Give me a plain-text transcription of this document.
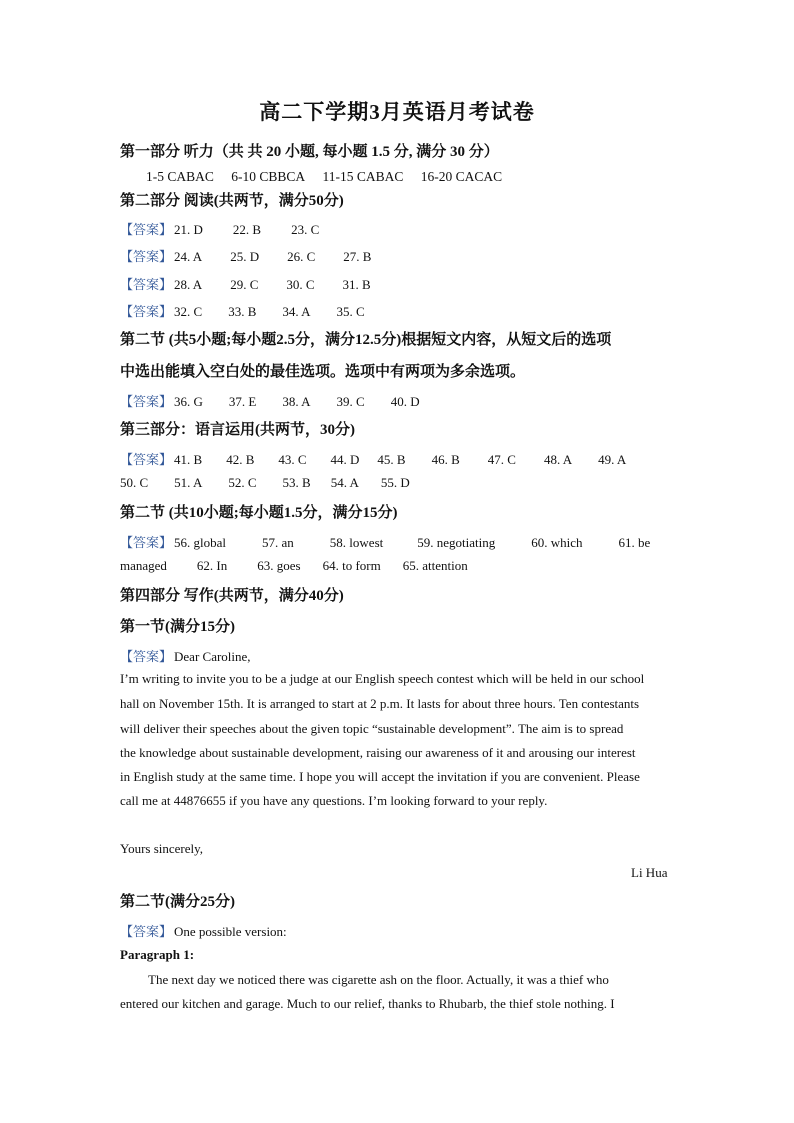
高二下学期3月英语月考试卷
第一部分 听力（共 共 20 小题, 每小题 1.5 分, 满分 30 分）
1-5 CABAC 6-10 CBBCA 11-15 CABAC 16-20 CACAC
第二部分 阅读(共两节，满分50分)
【答案】 21. D 22. B 23. C
【答案】 24. A 25. D 26. C 27. B
【答案】 28. A 29. C 30. C 31. B
【答案】 32. C 33. B 34. A 35. C
第二节 (共5小题;每小题2.5分，满分12.5分)根据短文内容，从短文后的选项
中选出能填入空白处的最佳选项。选项中有两项为多余选项。
【答案】 36. G 37. E 38. A 39. C 40. D
第三部分：语言运用(共两节，30分)
【答案】 41. B 42. B 43. C 44. D 45. B 46. B 47. C 48. A 49. A
50. C 51. A 52. C 53. B 54. A 55. D
第二节 (共10小题;每小题1.5分，满分15分)
【答案】 56. global	57. an	58. lowest	59. negotiating	60. which	61. be
managed 62. In 63. goes 64. to form 65. attention
第四部分 写作(共两节，满分40分)
第一节(满分15分)
【答案】 Dear Caroline,
I’m writing to invite you to be a judge at our English speech contest which will be held in our school
hall on November 15th. It is arranged to start at 2 p.m. It lasts for about three hours. Ten contestants
will deliver their speeches about the given topic “sustainable development”. The aim is to spread
the knowledge about sustainable development, raising our awareness of it and arousing our interest
in English study at the same time. I hope you will accept the invitation if you are convenient. Please
call me at 44876655 if you have any questions. I’m looking forward to your reply.
Yours sincerely,
Li Hua
第二节(满分25分)
【答案】 One possible version:
Paragraph 1:
The next day we noticed there was cigarette ash on the floor. Actually, it was a thief who
entered our kitchen and garage. Much to our relief, thanks to Rhubarb, the thief stole nothing. I
